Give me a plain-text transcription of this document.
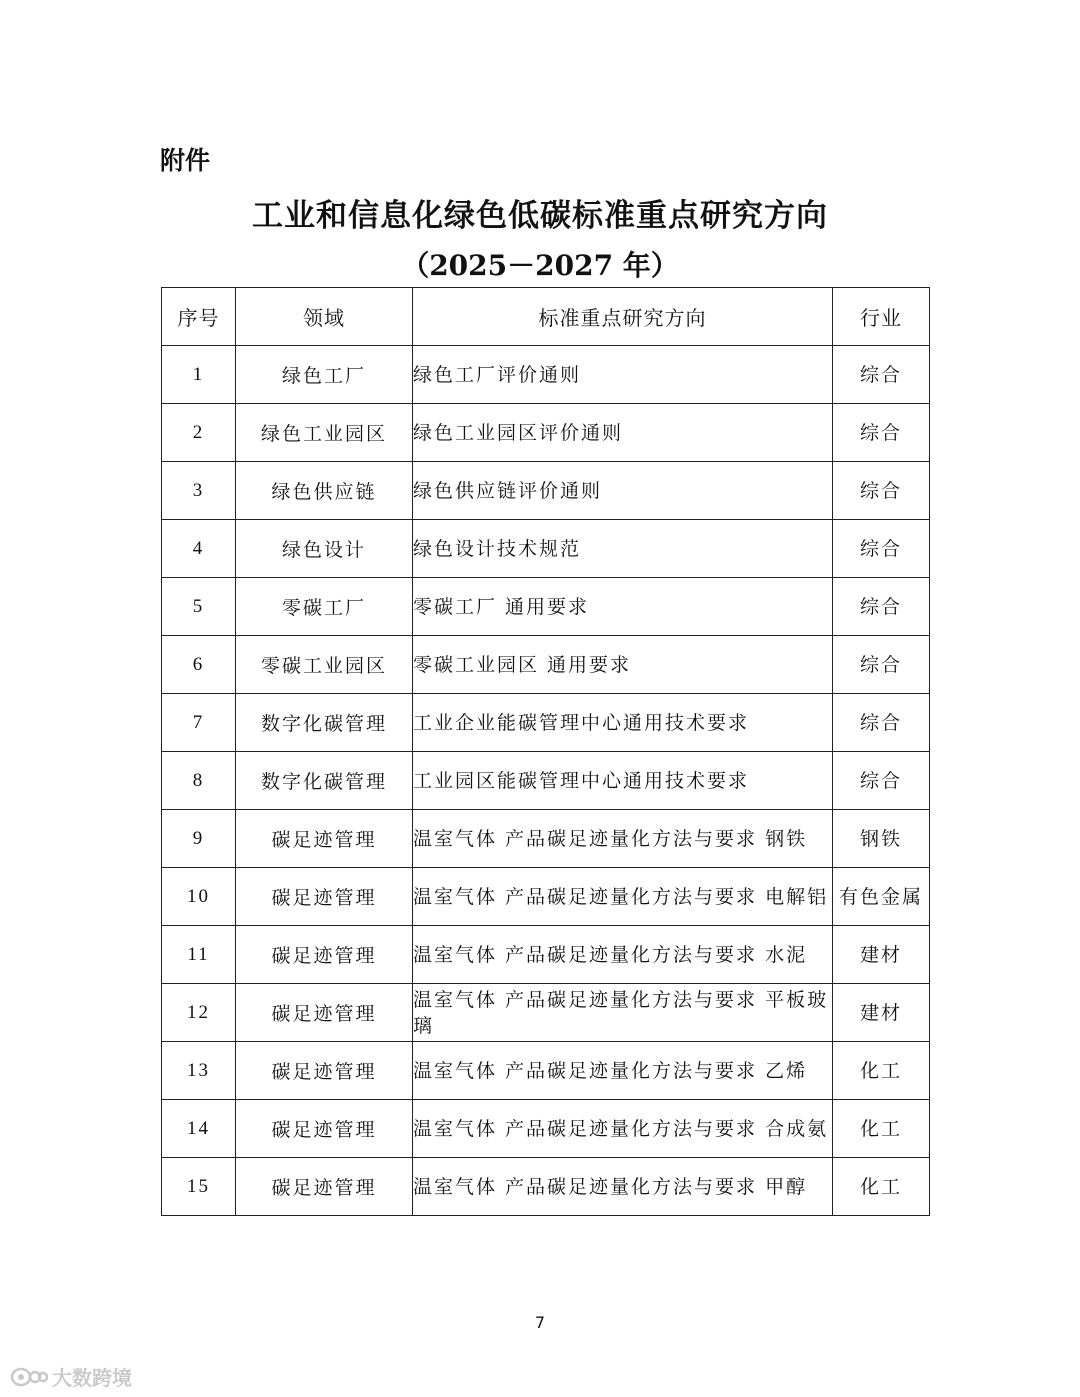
附件
工业和信息化绿色低碳标准重点研究方向
（2025－2027 年）
序号	领域	标准重点研究方向	行业
1	绿色工厂	绿色工厂评价通则	综合
2	绿色工业园区	绿色工业园区评价通则	综合
3	绿色供应链	绿色供应链评价通则	综合
4	绿色设计	绿色设计技术规范	综合
5	零碳工厂	零碳工厂 通用要求	综合
6	零碳工业园区	零碳工业园区 通用要求	综合
7	数字化碳管理	工业企业能碳管理中心通用技术要求	综合
8	数字化碳管理	工业园区能碳管理中心通用技术要求	综合
9	碳足迹管理	温室气体 产品碳足迹量化方法与要求 钢铁	钢铁
10	碳足迹管理	温室气体 产品碳足迹量化方法与要求 电解铝	有色金属
11	碳足迹管理	温室气体 产品碳足迹量化方法与要求 水泥	建材
12	碳足迹管理	温室气体 产品碳足迹量化方法与要求 平板玻璃	建材
13	碳足迹管理	温室气体 产品碳足迹量化方法与要求 乙烯	化工
14	碳足迹管理	温室气体 产品碳足迹量化方法与要求 合成氨	化工
15	碳足迹管理	温室气体 产品碳足迹量化方法与要求 甲醇	化工
7
大数跨境
